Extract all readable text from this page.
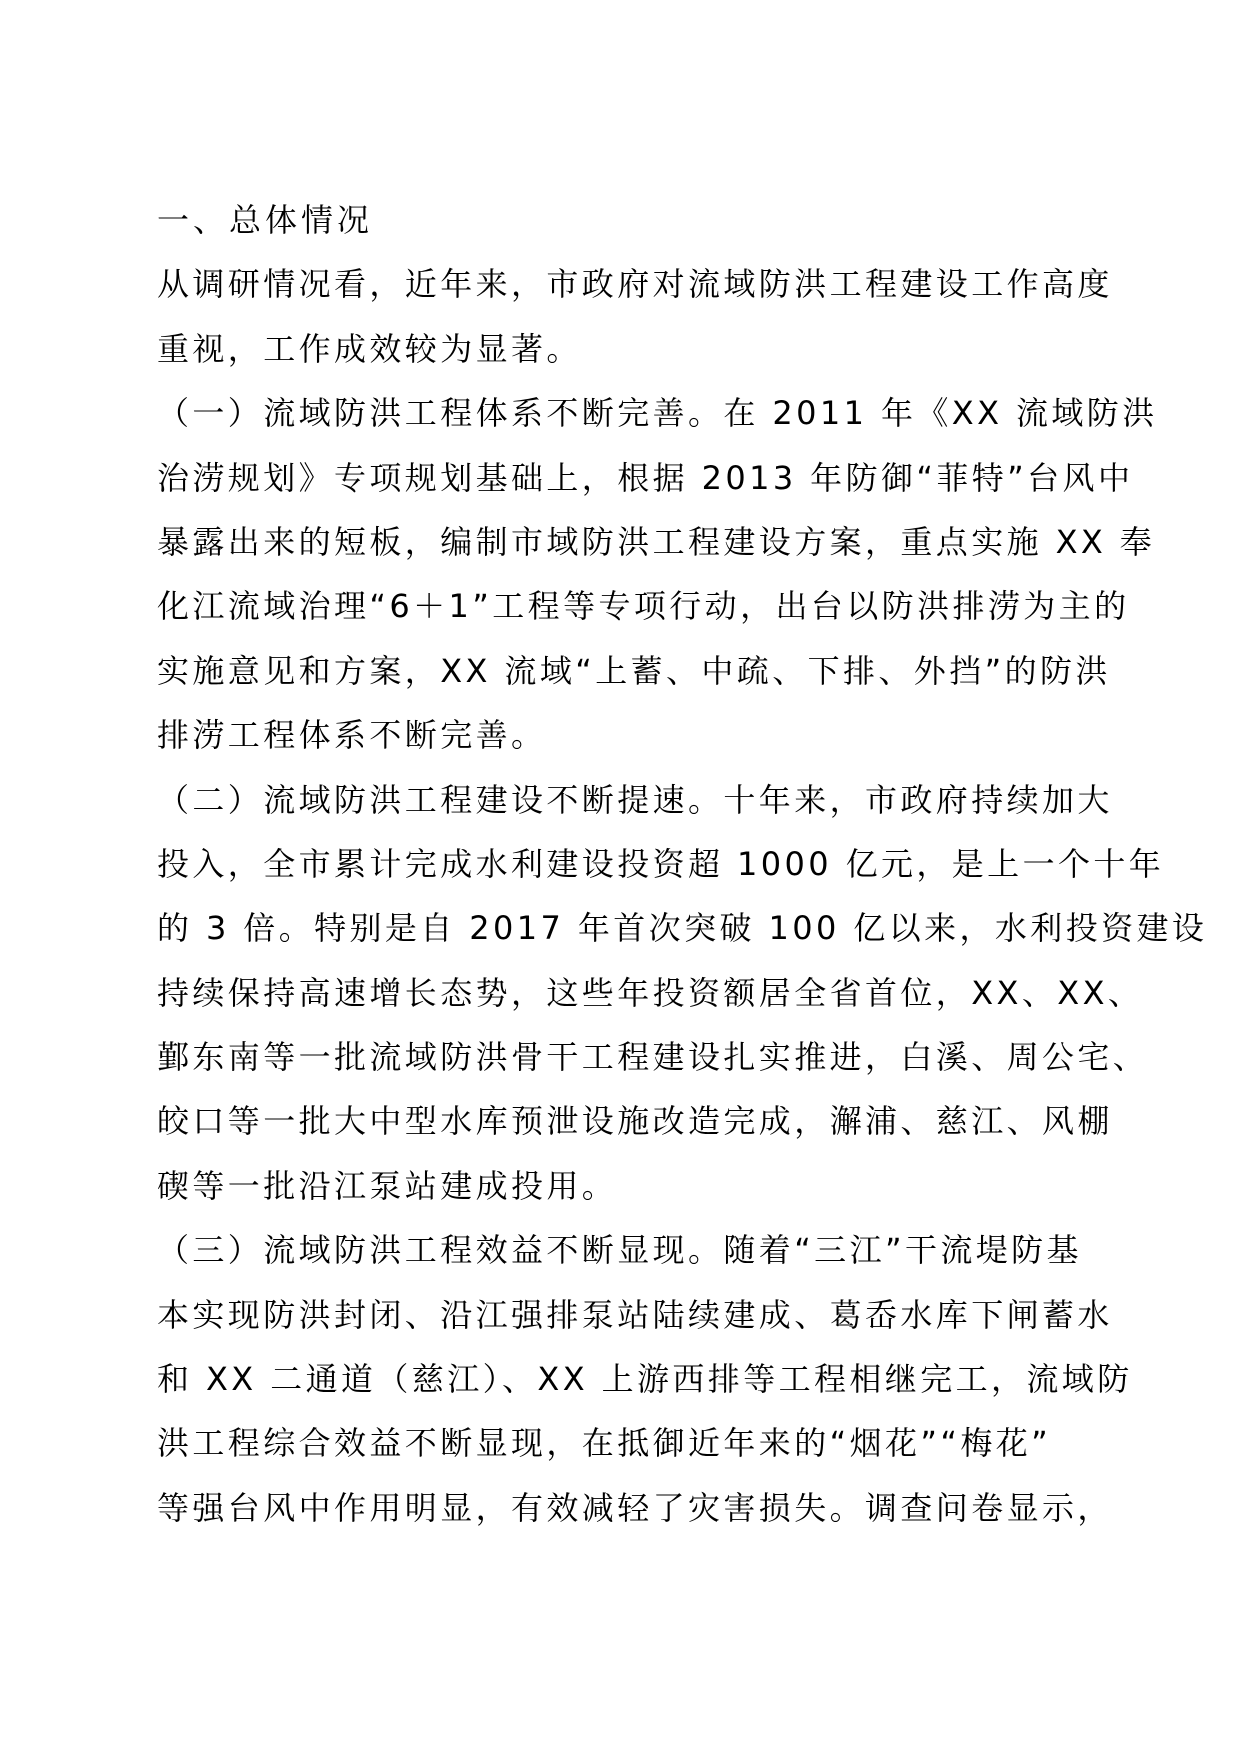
一、总体情况
从调研情况看，近年来，市政府对流域防洪工程建设工作高度
重视，工作成效较为显著。
（一）流域防洪工程体系不断完善。在 2011 年《XX 流域防洪
治涝规划》专项规划基础上，根据 2013 年防御“菲特”台风中
暴露出来的短板，编制市域防洪工程建设方案，重点实施 XX 奉
化江流域治理“6＋1”工程等专项行动，出台以防洪排涝为主的
实施意见和方案，XX 流域“上蓄、中疏、下排、外挡”的防洪
排涝工程体系不断完善。
（二）流域防洪工程建设不断提速。十年来，市政府持续加大
投入，全市累计完成水利建设投资超 1000 亿元，是上一个十年
的 3 倍。特别是自 2017 年首次突破 100 亿以来，水利投资建设
持续保持高速增长态势，这些年投资额居全省首位，XX、XX、
鄞东南等一批流域防洪骨干工程建设扎实推进，白溪、周公宅、
皎口等一批大中型水库预泄设施改造完成，澥浦、慈江、风棚
碶等一批沿江泵站建成投用。
（三）流域防洪工程效益不断显现。随着“三江”干流堤防基
本实现防洪封闭、沿江强排泵站陆续建成、葛岙水库下闸蓄水
和 XX 二通道（慈江）、XX 上游西排等工程相继完工，流域防
洪工程综合效益不断显现，在抵御近年来的“烟花”“梅花”
等强台风中作用明显，有效减轻了灾害损失。调查问卷显示，
